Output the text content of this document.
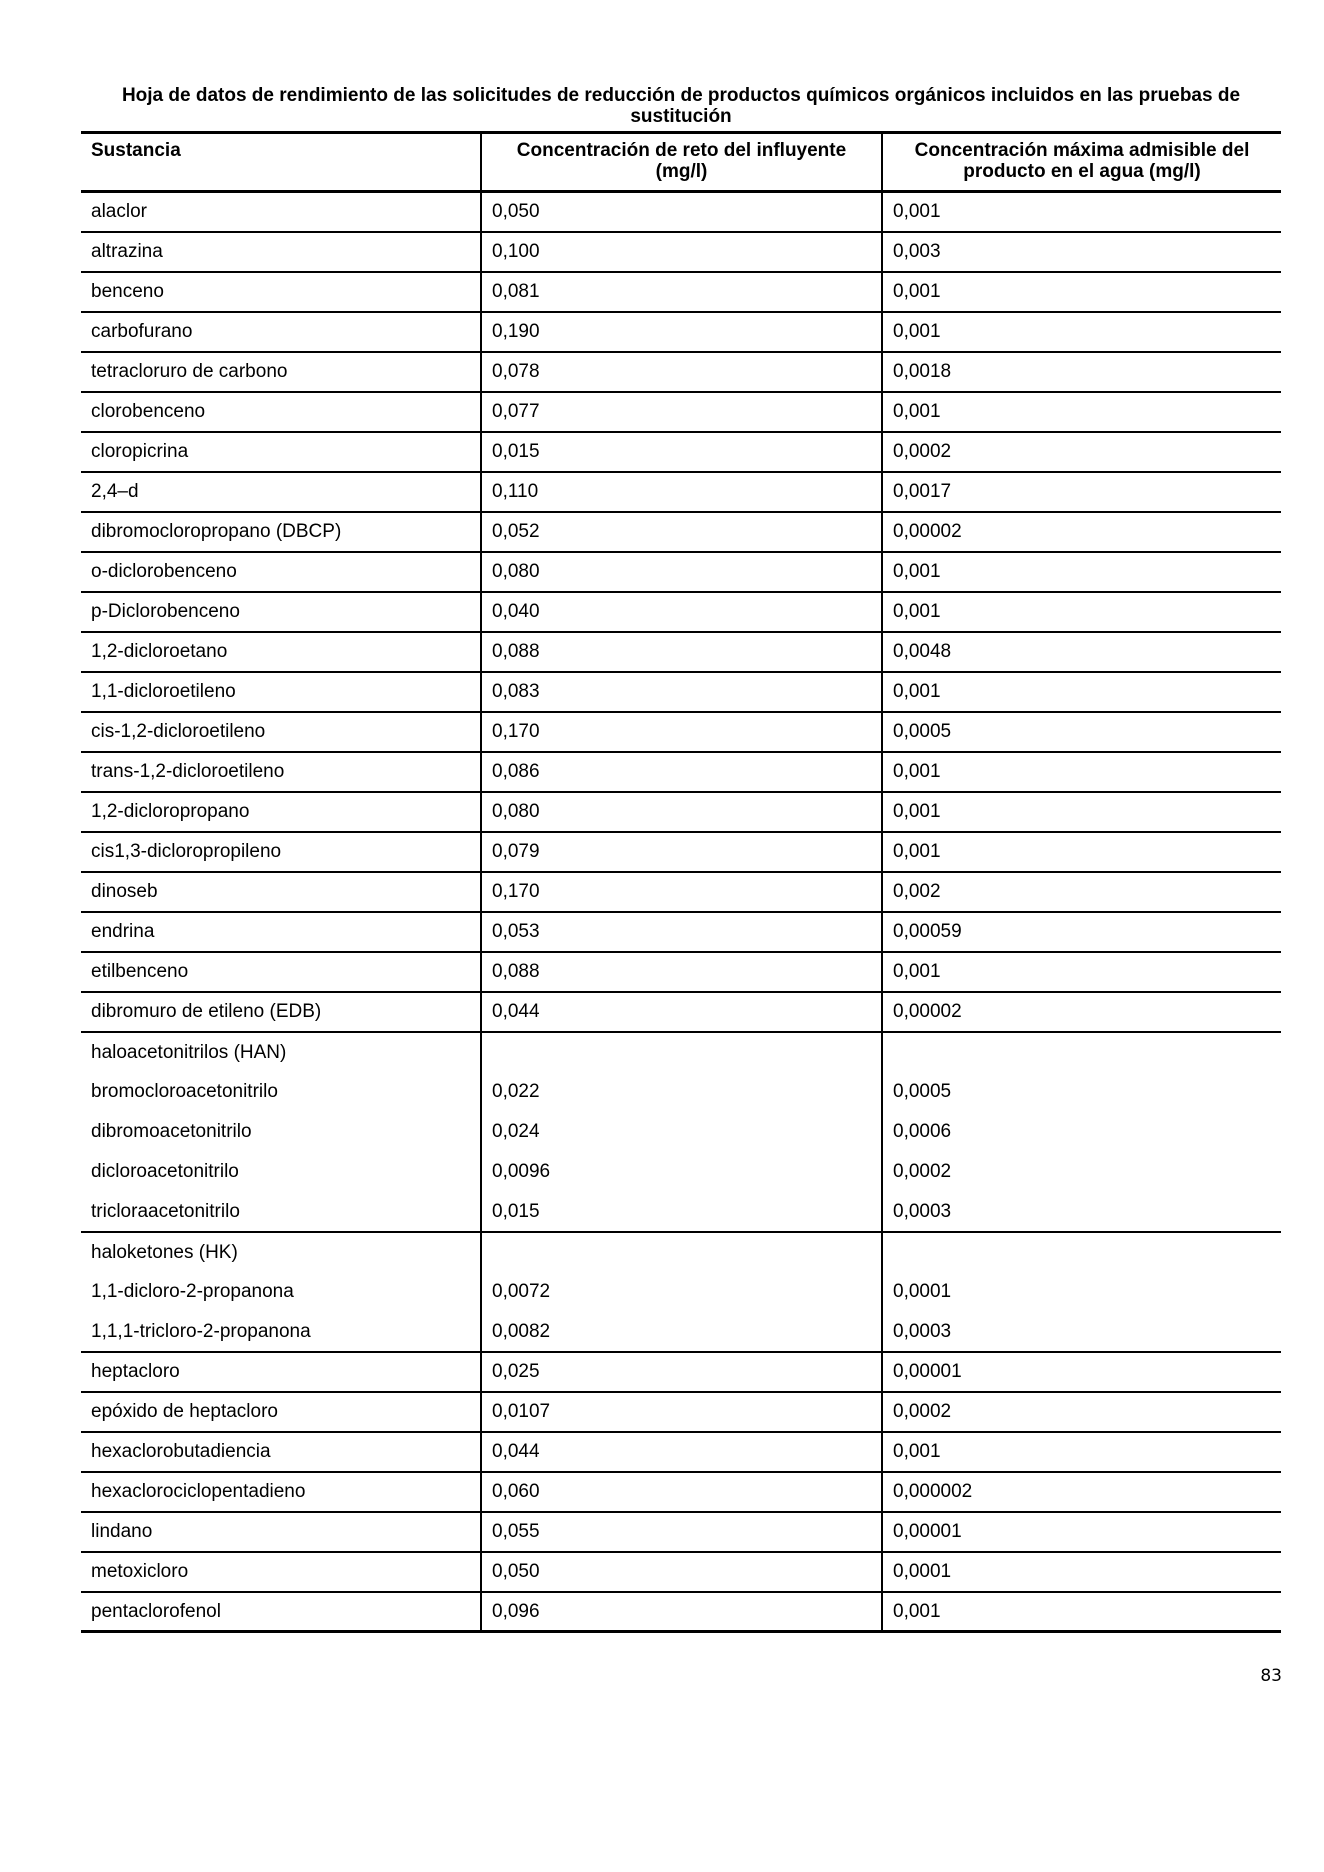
Hoja de datos de rendimiento de las solicitudes de reducción de productos químicos orgánicos incluidos en las pruebas de sustitución
Sustancia	Concentración de reto del influyente (mg/l)	Concentración máxima admisible del producto en el agua (mg/l)
alaclor	0,050	0,001
altrazina	0,100	0,003
benceno	0,081	0,001
carbofurano	0,190	0,001
tetracloruro de carbono	0,078	0,0018
clorobenceno	0,077	0,001
cloropicrina	0,015	0,0002
2,4–d	0,110	0,0017
dibromocloropropano (DBCP)	0,052	0,00002
o-diclorobenceno	0,080	0,001
p-Diclorobenceno	0,040	0,001
1,2-dicloroetano	0,088	0,0048
1,1-dicloroetileno	0,083	0,001
cis-1,2-dicloroetileno	0,170	0,0005
trans-1,2-dicloroetileno	0,086	0,001
1,2-dicloropropano	0,080	0,001
cis1,3-dicloropropileno	0,079	0,001
dinoseb	0,170	0,002
endrina	0,053	0,00059
etilbenceno	0,088	0,001
dibromuro de etileno (EDB)	0,044	0,00002
haloacetonitrilos (HAN)		
bromocloroacetonitrilo	0,022	0,0005
dibromoacetonitrilo	0,024	0,0006
dicloroacetonitrilo	0,0096	0,0002
tricloraacetonitrilo	0,015	0,0003
haloketones (HK)		
1,1-dicloro-2-propanona	0,0072	0,0001
1,1,1-tricloro-2-propanona	0,0082	0,0003
heptacloro	0,025	0,00001
epóxido de heptacloro	0,0107	0,0002
hexaclorobutadiencia	0,044	0,001
hexaclorociclopentadieno	0,060	0,000002
lindano	0,055	0,00001
metoxicloro	0,050	0,0001
pentaclorofenol	0,096	0,001
83
